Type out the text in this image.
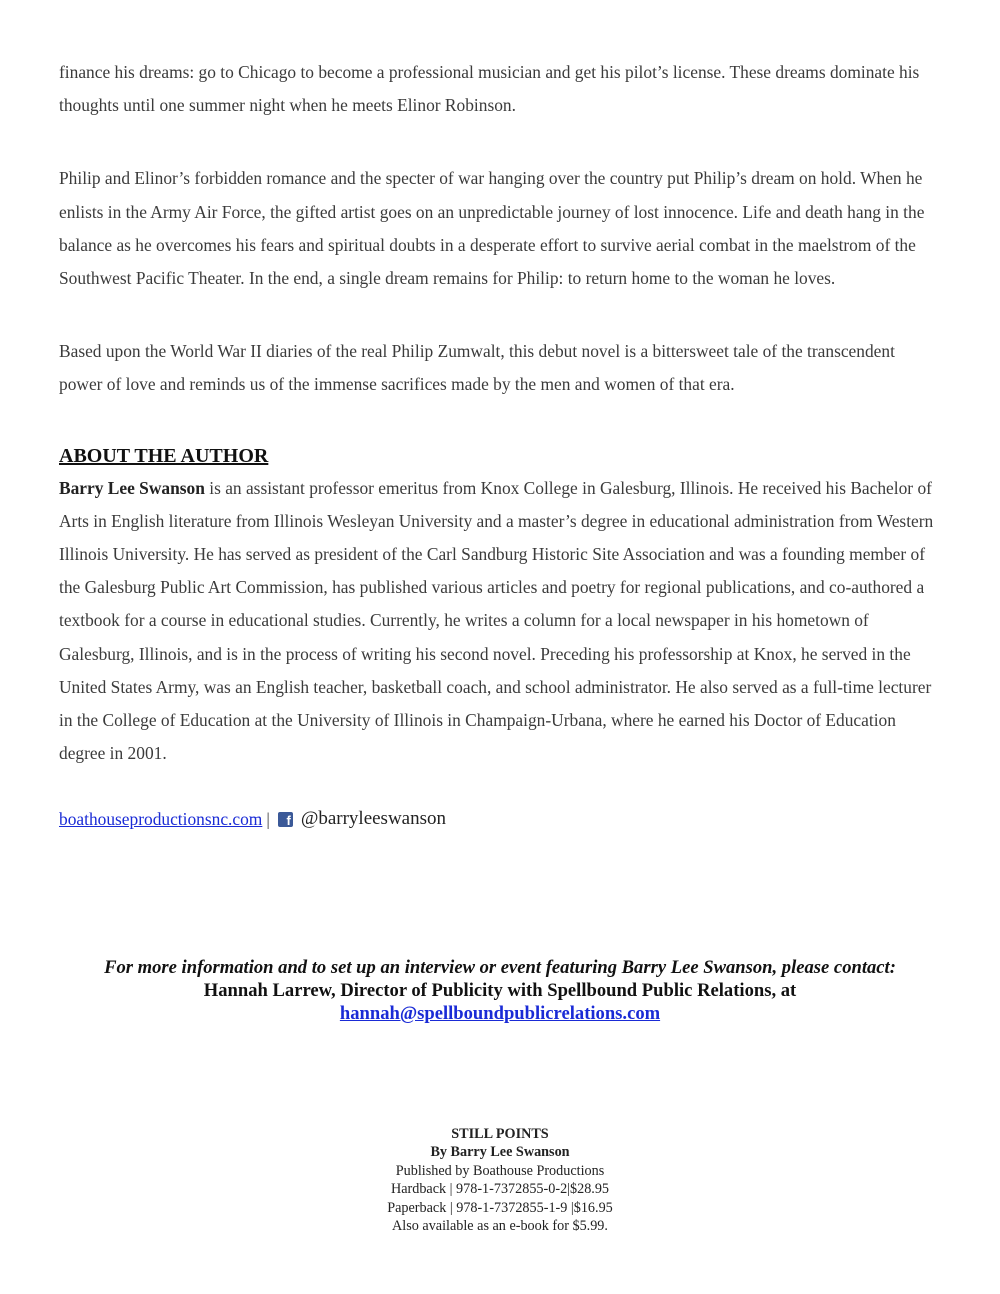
finance his dreams: go to Chicago to become a professional musician and get his pilot’s license. These dreams dominate his thoughts until one summer night when he meets Elinor Robinson.

Philip and Elinor’s forbidden romance and the specter of war hanging over the country put Philip’s dream on hold. When he enlists in the Army Air Force, the gifted artist goes on an unpredictable journey of lost innocence. Life and death hang in the balance as he overcomes his fears and spiritual doubts in a desperate effort to survive aerial combat in the maelstrom of the Southwest Pacific Theater. In the end, a single dream remains for Philip: to return home to the woman he loves.

Based upon the World War II diaries of the real Philip Zumwalt, this debut novel is a bittersweet tale of the transcendent power of love and reminds us of the immense sacrifices made by the men and women of that era.

ABOUT THE AUTHOR

Barry Lee Swanson is an assistant professor emeritus from Knox College in Galesburg, Illinois. He received his Bachelor of Arts in English literature from Illinois Wesleyan University and a master’s degree in educational administration from Western Illinois University. He has served as president of the Carl Sandburg Historic Site Association and was a founding member of the Galesburg Public Art Commission, has published various articles and poetry for regional publications, and co-authored a textbook for a course in educational studies. Currently, he writes a column for a local newspaper in his hometown of Galesburg, Illinois, and is in the process of writing his second novel. Preceding his professorship at Knox, he served in the United States Army, was an English teacher, basketball coach, and school administrator. He also served as a full-time lecturer in the College of Education at the University of Illinois in Champaign-Urbana, where he earned his Doctor of Education degree in 2001.

boathouseproductionsnc.com |	f @barryleeswanson
For more information and to set up an interview or event featuring Barry Lee Swanson, please contact:
Hannah Larrew, Director of Publicity with Spellbound Public Relations, at
hannah@spellboundpublicrelations.com
STILL POINTS
By Barry Lee Swanson
Published by Boathouse Productions
Hardback | 978-1-7372855-0-2|$28.95
Paperback | 978-1-7372855-1-9 |$16.95
Also available as an e-book for $5.99.
